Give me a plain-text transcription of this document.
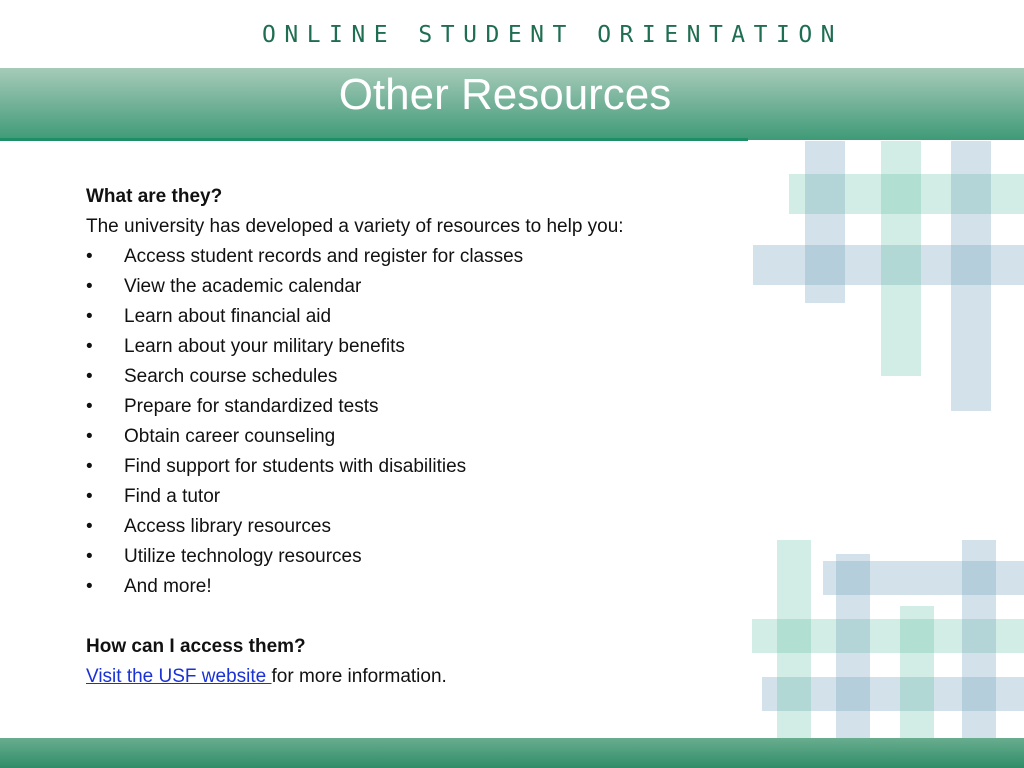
ONLINE STUDENT ORIENTATION
Other Resources
What are they?
The university has developed a variety of resources to help you:
• Access student records and register for classes
• View the academic calendar
• Learn about financial aid
• Learn about your military benefits
• Search course schedules
• Prepare for standardized tests
• Obtain career counseling
• Find support for students with disabilities
• Find a tutor
• Access library resources
• Utilize technology resources
• And more!
How can I access them?
Visit the USF website for more information.
